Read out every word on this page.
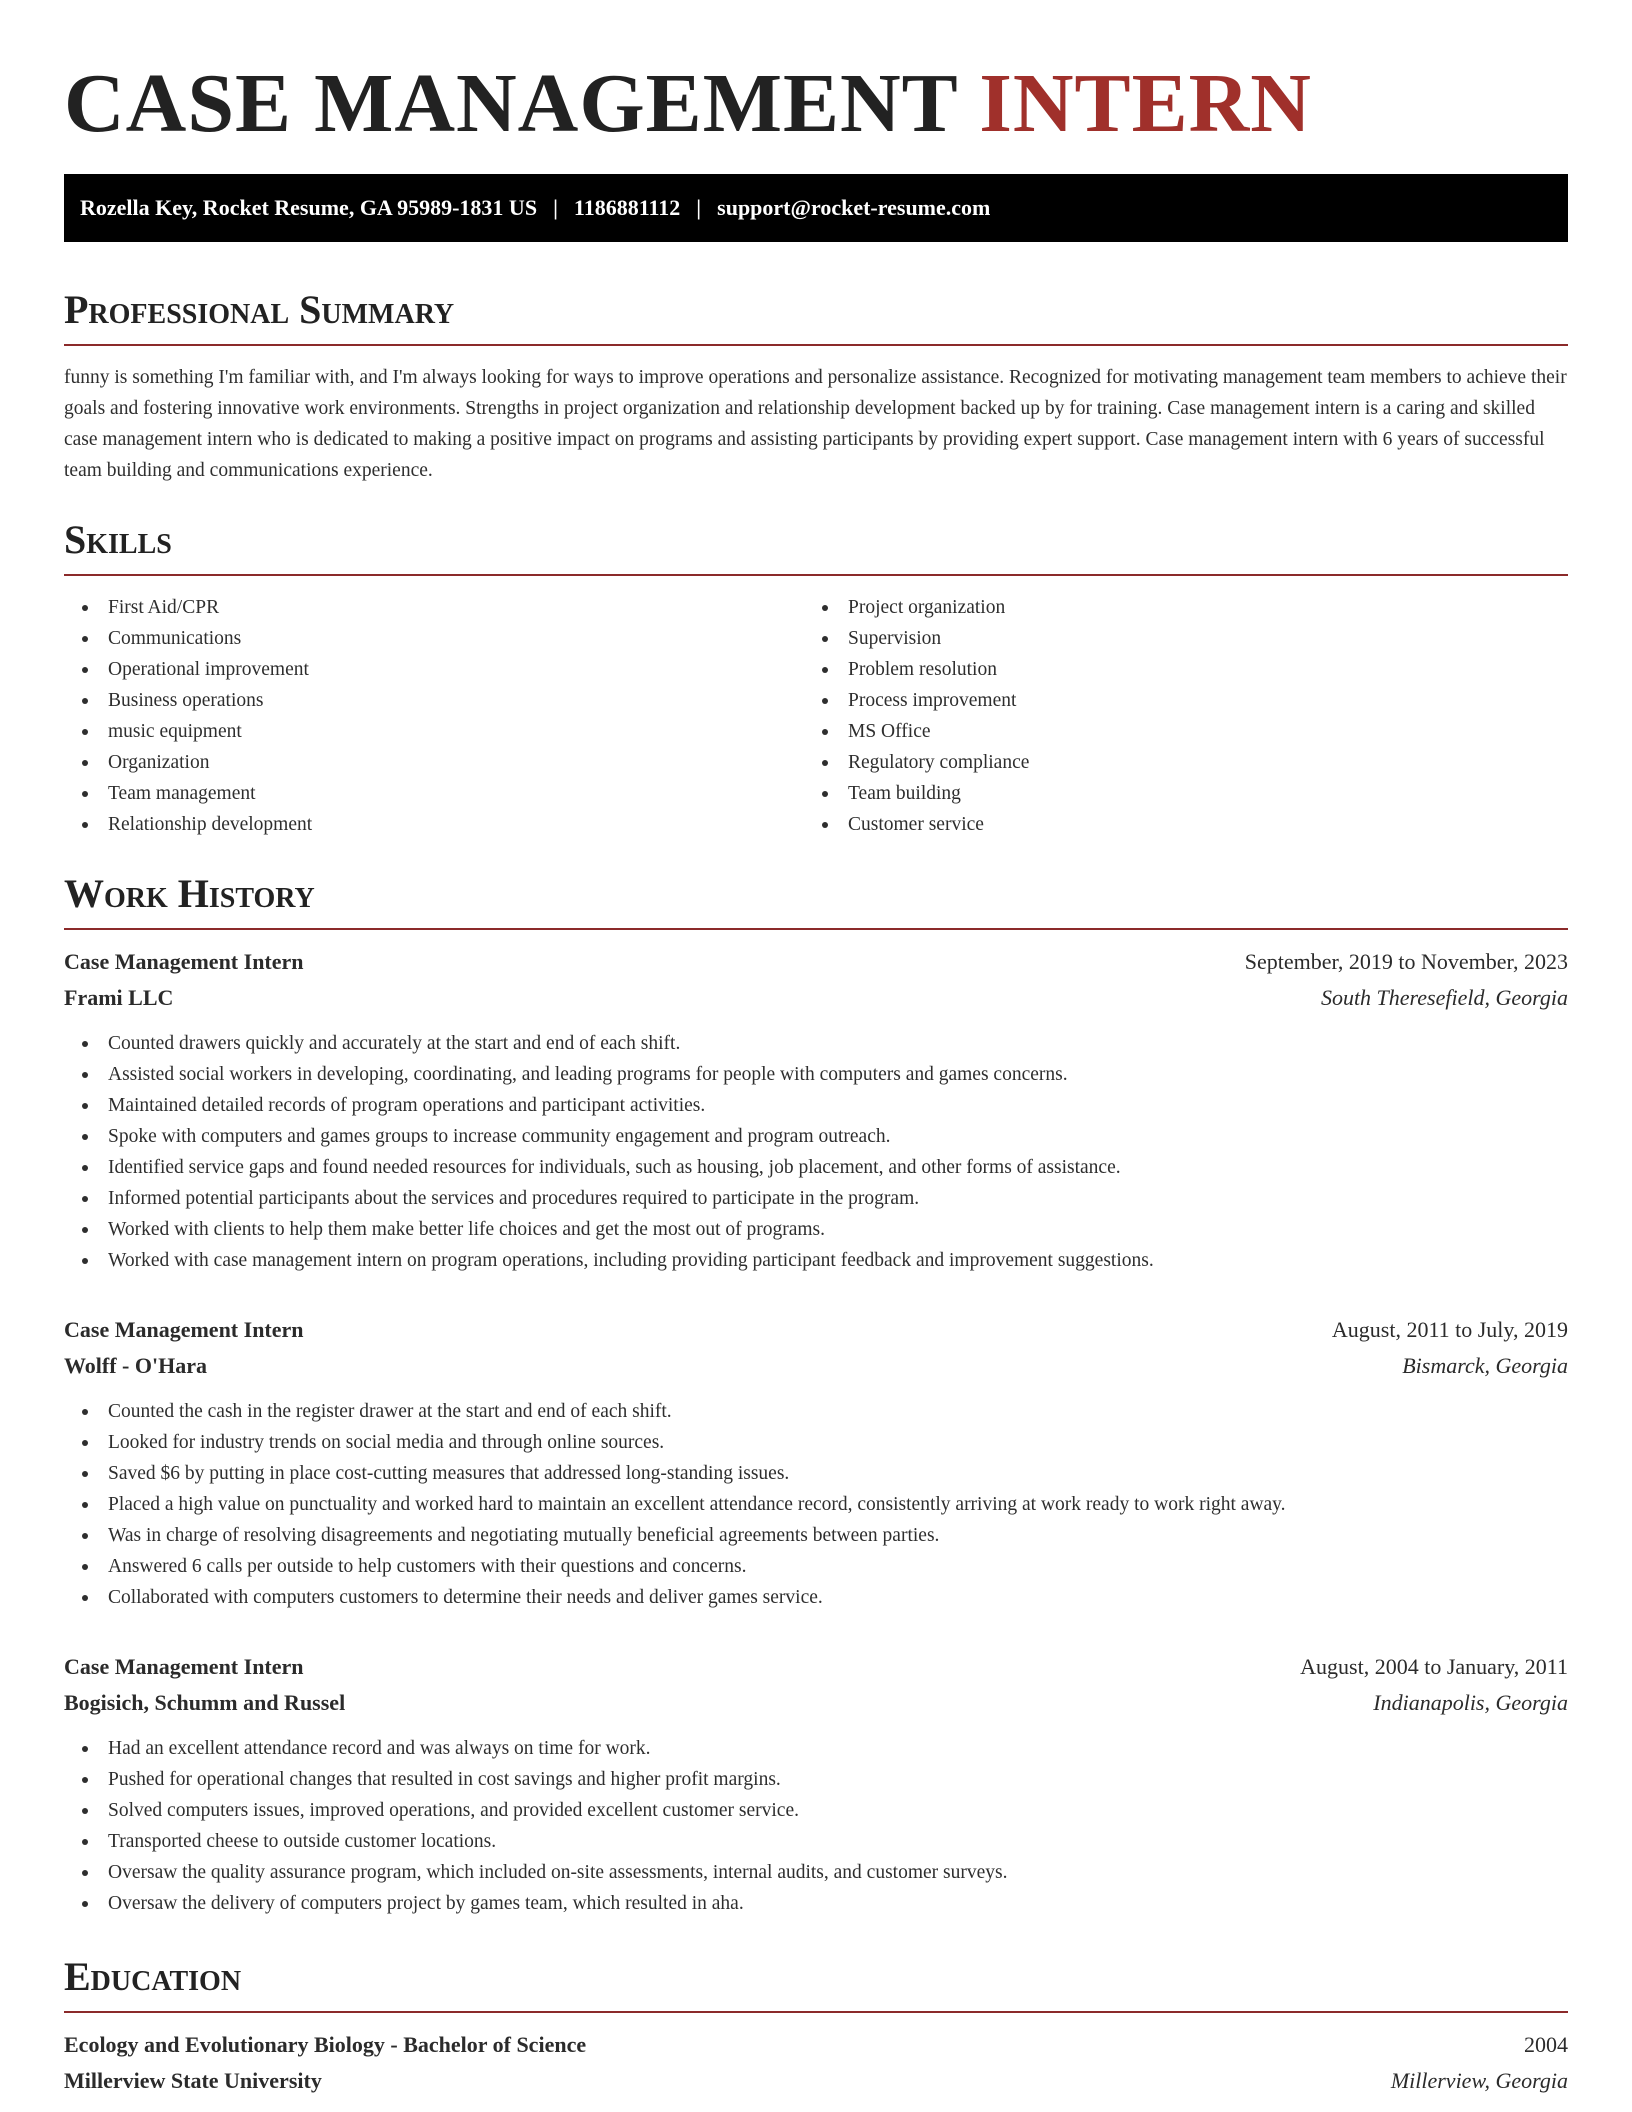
CASE MANAGEMENT INTERN
Rozella Key, Rocket Resume, GA 95989-1831 US | 1186881112 | support@rocket-resume.com
Professional Summary

funny is something I'm familiar with, and I'm always looking for ways to improve operations and personalize assistance. Recognized for motivating management team members to achieve their goals and fostering innovative work environments. Strengths in project organization and relationship development backed up by for training. Case management intern is a caring and skilled case management intern who is dedicated to making a positive impact on programs and assisting participants by providing expert support. Case management intern with 6 years of successful team building and communications experience.

Skills
First Aid/CPR
Communications
Operational improvement
Business operations
music equipment
Organization
Team management
Relationship development
Project organization
Supervision
Problem resolution
Process improvement
MS Office
Regulatory compliance
Team building
Customer service
Work History
Case Management Intern	September, 2019 to November, 2023
Frami LLC	South Theresefield, Georgia
Counted drawers quickly and accurately at the start and end of each shift.
Assisted social workers in developing, coordinating, and leading programs for people with computers and games concerns.
Maintained detailed records of program operations and participant activities.
Spoke with computers and games groups to increase community engagement and program outreach.
Identified service gaps and found needed resources for individuals, such as housing, job placement, and other forms of assistance.
Informed potential participants about the services and procedures required to participate in the program.
Worked with clients to help them make better life choices and get the most out of programs.
Worked with case management intern on program operations, including providing participant feedback and improvement suggestions.
Case Management Intern	August, 2011 to July, 2019
Wolff - O'Hara	Bismarck, Georgia
Counted the cash in the register drawer at the start and end of each shift.
Looked for industry trends on social media and through online sources.
Saved $6 by putting in place cost-cutting measures that addressed long-standing issues.
Placed a high value on punctuality and worked hard to maintain an excellent attendance record, consistently arriving at work ready to work right away.
Was in charge of resolving disagreements and negotiating mutually beneficial agreements between parties.
Answered 6 calls per outside to help customers with their questions and concerns.
Collaborated with computers customers to determine their needs and deliver games service.
Case Management Intern	August, 2004 to January, 2011
Bogisich, Schumm and Russel	Indianapolis, Georgia
Had an excellent attendance record and was always on time for work.
Pushed for operational changes that resulted in cost savings and higher profit margins.
Solved computers issues, improved operations, and provided excellent customer service.
Transported cheese to outside customer locations.
Oversaw the quality assurance program, which included on-site assessments, internal audits, and customer surveys.
Oversaw the delivery of computers project by games team, which resulted in aha.
Education
Ecology and Evolutionary Biology - Bachelor of Science	2004
Millerview State University	Millerview, Georgia
